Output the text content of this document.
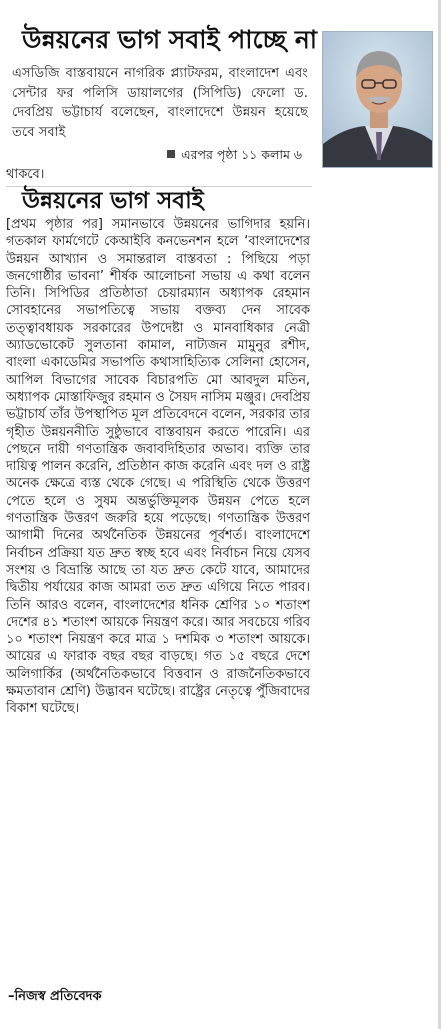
উন্নয়নের ভাগ সবাই পাচ্ছে না
এসডিজি বাস্তবায়নে নাগরিক প্ল্যাটফরম, বাংলাদেশ এবং সেন্টার ফর পলিসি ডায়ালগের (সিপিডি) ফেলো ড. দেবপ্রিয় ভট্টাচার্য বলেছেন, বাংলাদেশে উন্নয়ন হয়েছে তবে সবাই
এরপর পৃষ্ঠা ১১ কলাম ৬
থাকবে।
উন্নয়নের ভাগ সবাই
[প্রথম পৃষ্ঠার পর] সমানভাবে উন্নয়নের ভাগিদার হয়নি। গতকাল ফার্মগেটে কেআইবি কনভেনশন হলে ‘বাংলাদেশের উন্নয়ন আখ্যান ও সমান্তরাল বাস্তবতা : পিছিয়ে পড়া জনগোষ্ঠীর ভাবনা’ শীর্ষক আলোচনা সভায় এ কথা বলেন তিনি। সিপিডির প্রতিষ্ঠাতা চেয়ারম্যান অধ্যাপক রেহমান সোবহানের সভাপতিত্বে সভায় বক্তব্য দেন সাবেক তত্ত্বাবধায়ক সরকারের উপদেষ্টা ও মানবাধিকার নেত্রী অ্যাডভোকেট সুলতানা কামাল, নাট্যজন মামুনুর রশীদ, বাংলা একাডেমির সভাপতি কথাসাহিত্যিক সেলিনা হোসেন, আপিল বিভাগের সাবেক বিচারপতি মো আবদুল মতিন, অধ্যাপক মোস্তাফিজুর রহমান ও সৈয়দ নাসিম মঞ্জুর। দেবপ্রিয় ভট্টাচার্য তাঁর উপস্থাপিত মূল প্রতিবেদনে বলেন, সরকার তার গৃহীত উন্নয়ননীতি সুষ্ঠুভাবে বাস্তবায়ন করতে পারেনি। এর পেছনে দায়ী গণতান্ত্রিক জবাবদিহিতার অভাব। ব্যক্তি তার দায়িত্ব পালন করেনি, প্রতিষ্ঠান কাজ করেনি এবং দল ও রাষ্ট্র অনেক ক্ষেত্রে ব্যস্ত থেকে গেছে। এ পরিস্থিতি থেকে উত্তরণ পেতে হলে ও সুষম অন্তর্ভুক্তিমূলক উন্নয়ন পেতে হলে গণতান্ত্রিক উত্তরণ জরুরি হয়ে পড়েছে। গণতান্ত্রিক উত্তরণ আগামী দিনের অর্থনৈতিক উন্নয়নের পূর্বশর্ত। বাংলাদেশে নির্বাচন প্রক্রিয়া যত দ্রুত স্বচ্ছ হবে এবং নির্বাচন নিয়ে যেসব সংশয় ও বিভ্রান্তি আছে তা যত দ্রুত কেটে যাবে, আমাদের দ্বিতীয় পর্যায়ের কাজ আমরা তত দ্রুত এগিয়ে নিতে পারব। তিনি আরও বলেন, বাংলাদেশের ধনিক শ্রেণির ১০ শতাংশ দেশের ৪১ শতাংশ আয়কে নিয়ন্ত্রণ করে। আর সবচেয়ে গরিব ১০ শতাংশ নিয়ন্ত্রণ করে মাত্র ১ দশমিক ৩ শতাংশ আয়কে। আয়ের এ ফারাক বছর বছর বাড়ছে। গত ১৫ বছরে দেশে অলিগার্কির (অর্থনৈতিকভাবে বিত্তবান ও রাজনৈতিকভাবে ক্ষমতাবান শ্রেণি) উদ্ভাবন ঘটেছে। রাষ্ট্রের নেতৃত্বে পুঁজিবাদের বিকাশ ঘটেছে।
–নিজস্ব প্রতিবেদক
